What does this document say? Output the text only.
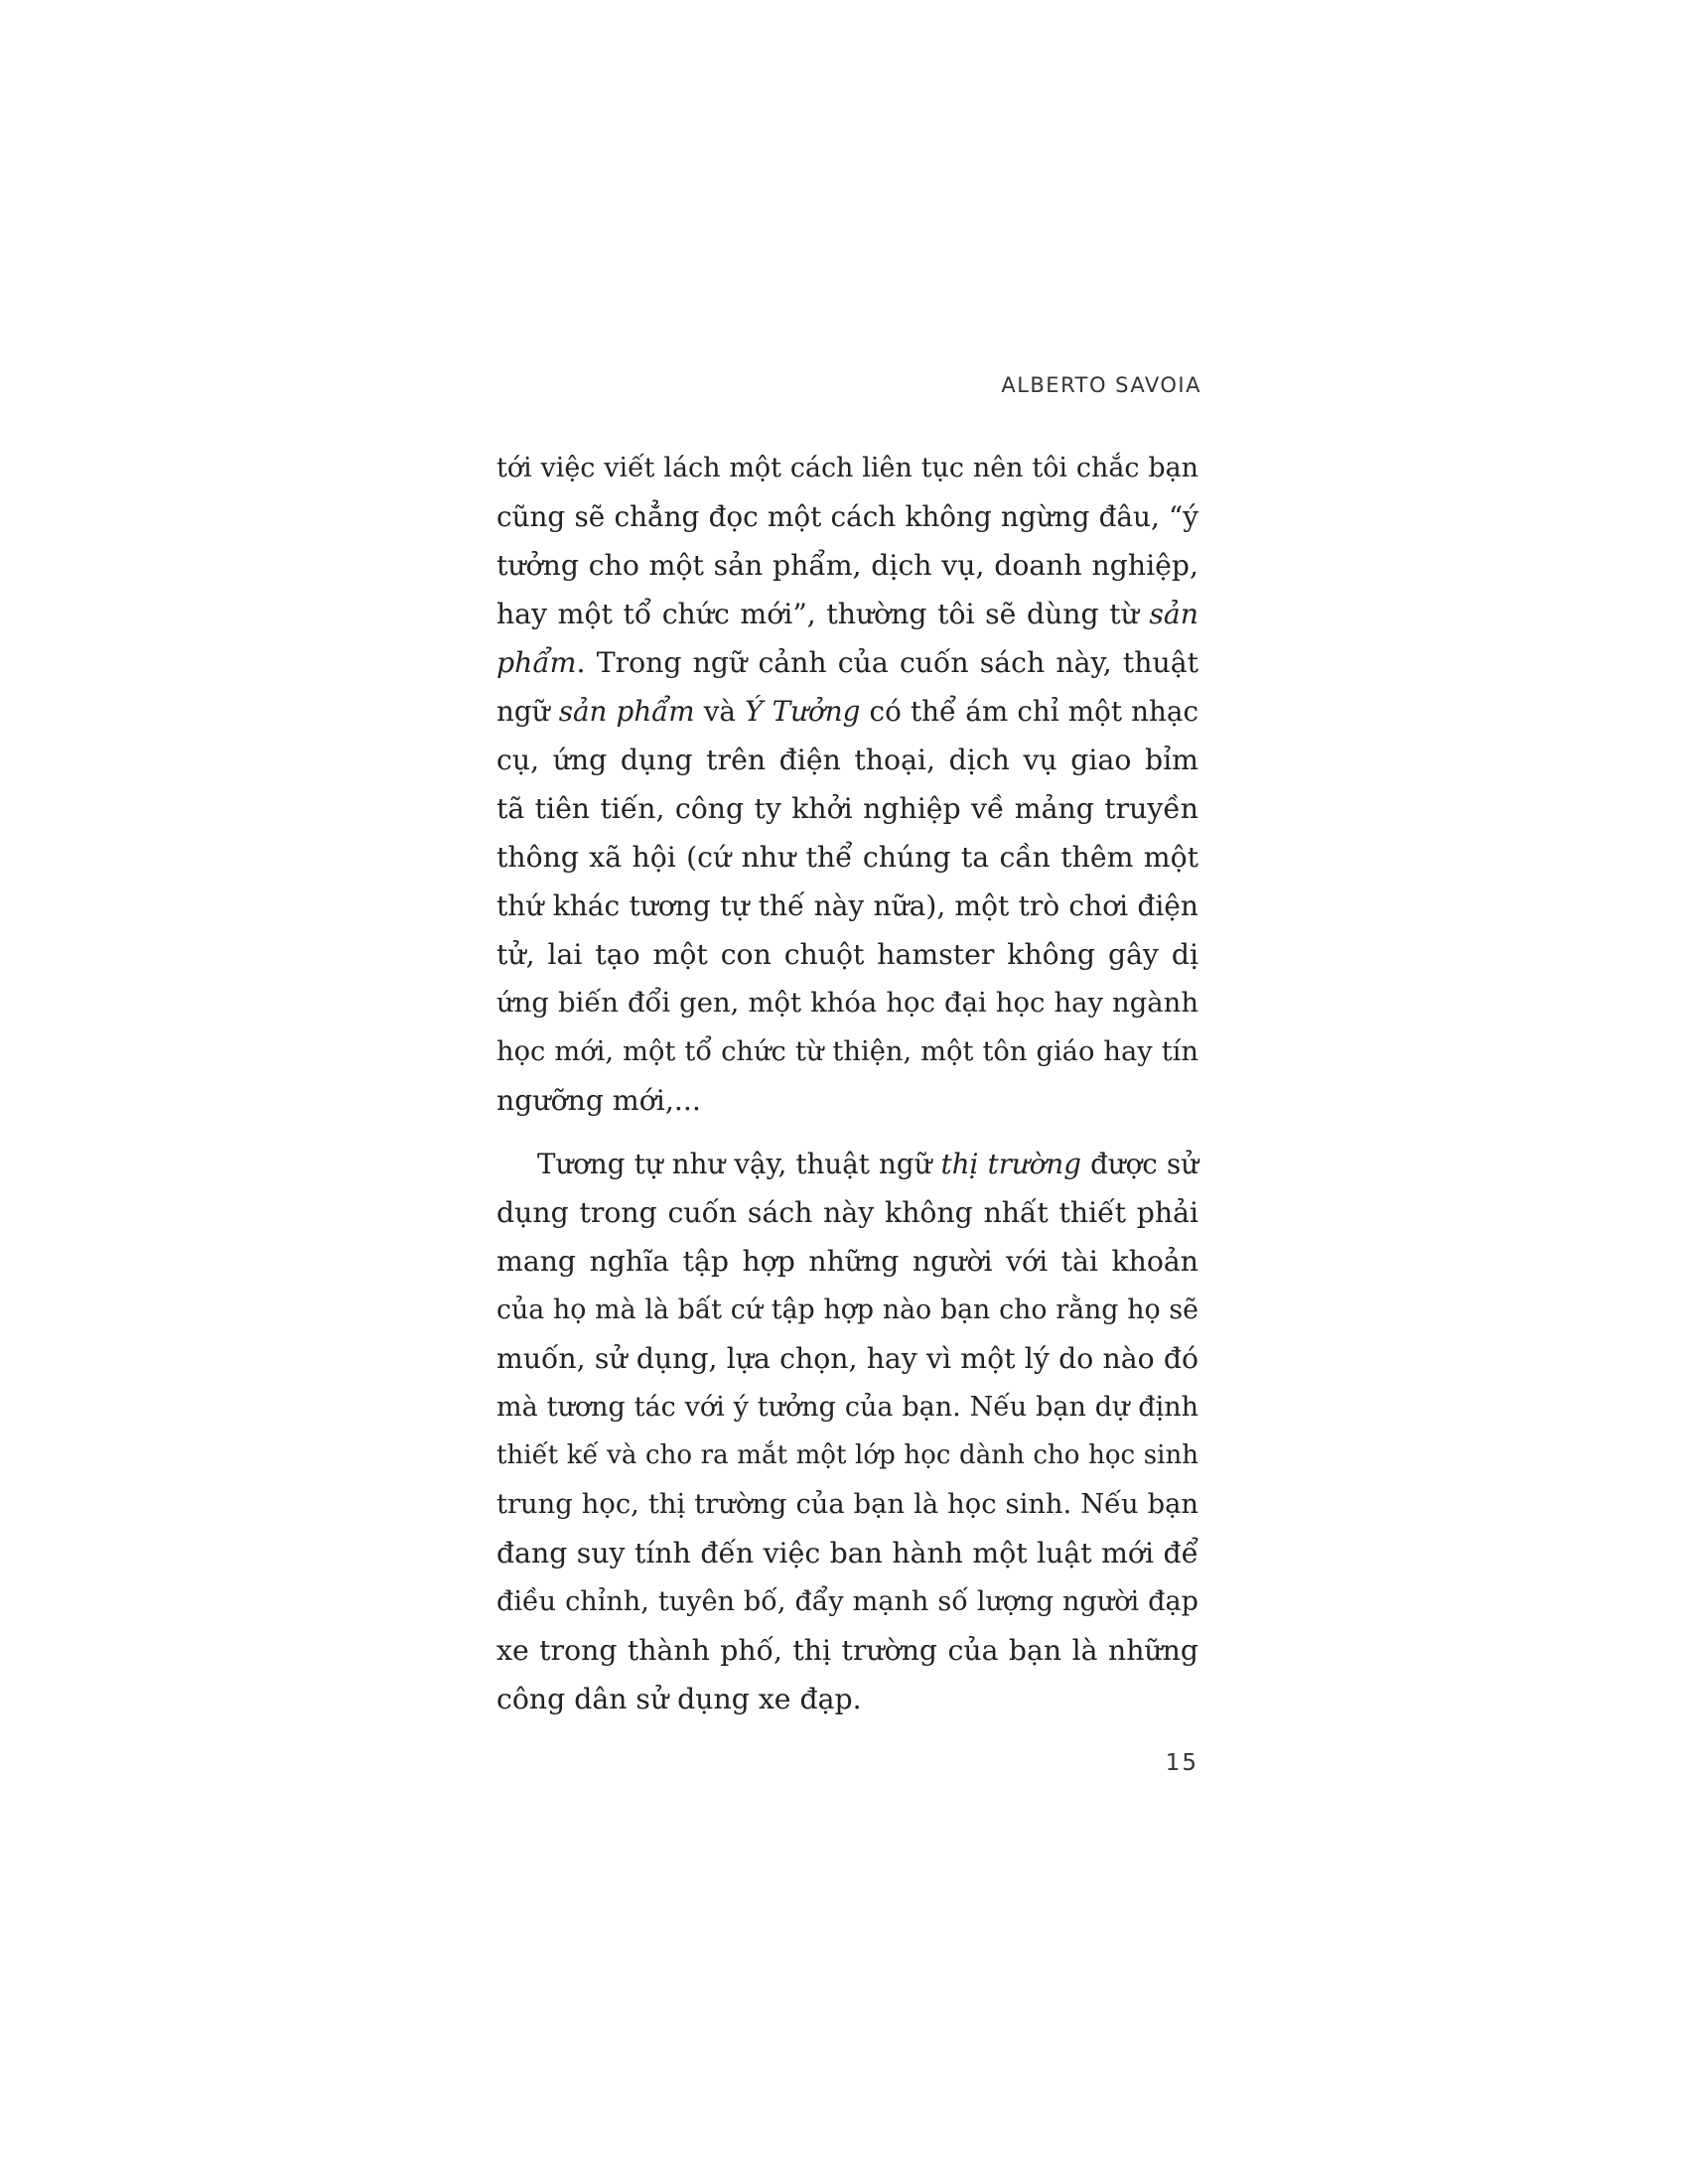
ALBERTO SAVOIA

tới việc viết lách một cách liên tục nên tôi chắc bạn
cũng sẽ chẳng đọc một cách không ngừng đâu, “ý
tưởng cho một sản phẩm, dịch vụ, doanh nghiệp,
hay một tổ chức mới”, thường tôi sẽ dùng từ sản
phẩm. Trong ngữ cảnh của cuốn sách này, thuật
ngữ sản phẩm và Ý Tưởng có thể ám chỉ một nhạc
cụ, ứng dụng trên điện thoại, dịch vụ giao bỉm
tã tiên tiến, công ty khởi nghiệp về mảng truyền
thông xã hội (cứ như thể chúng ta cần thêm một
thứ khác tương tự thế này nữa), một trò chơi điện
tử, lai tạo một con chuột hamster không gây dị
ứng biến đổi gen, một khóa học đại học hay ngành
học mới, một tổ chức từ thiện, một tôn giáo hay tín
ngưỡng mới,...

Tương tự như vậy, thuật ngữ thị trường được sử
dụng trong cuốn sách này không nhất thiết phải
mang nghĩa tập hợp những người với tài khoản
của họ mà là bất cứ tập hợp nào bạn cho rằng họ sẽ
muốn, sử dụng, lựa chọn, hay vì một lý do nào đó
mà tương tác với ý tưởng của bạn. Nếu bạn dự định
thiết kế và cho ra mắt một lớp học dành cho học sinh
trung học, thị trường của bạn là học sinh. Nếu bạn
đang suy tính đến việc ban hành một luật mới để
điều chỉnh, tuyên bố, đẩy mạnh số lượng người đạp
xe trong thành phố, thị trường của bạn là những
công dân sử dụng xe đạp.

15
